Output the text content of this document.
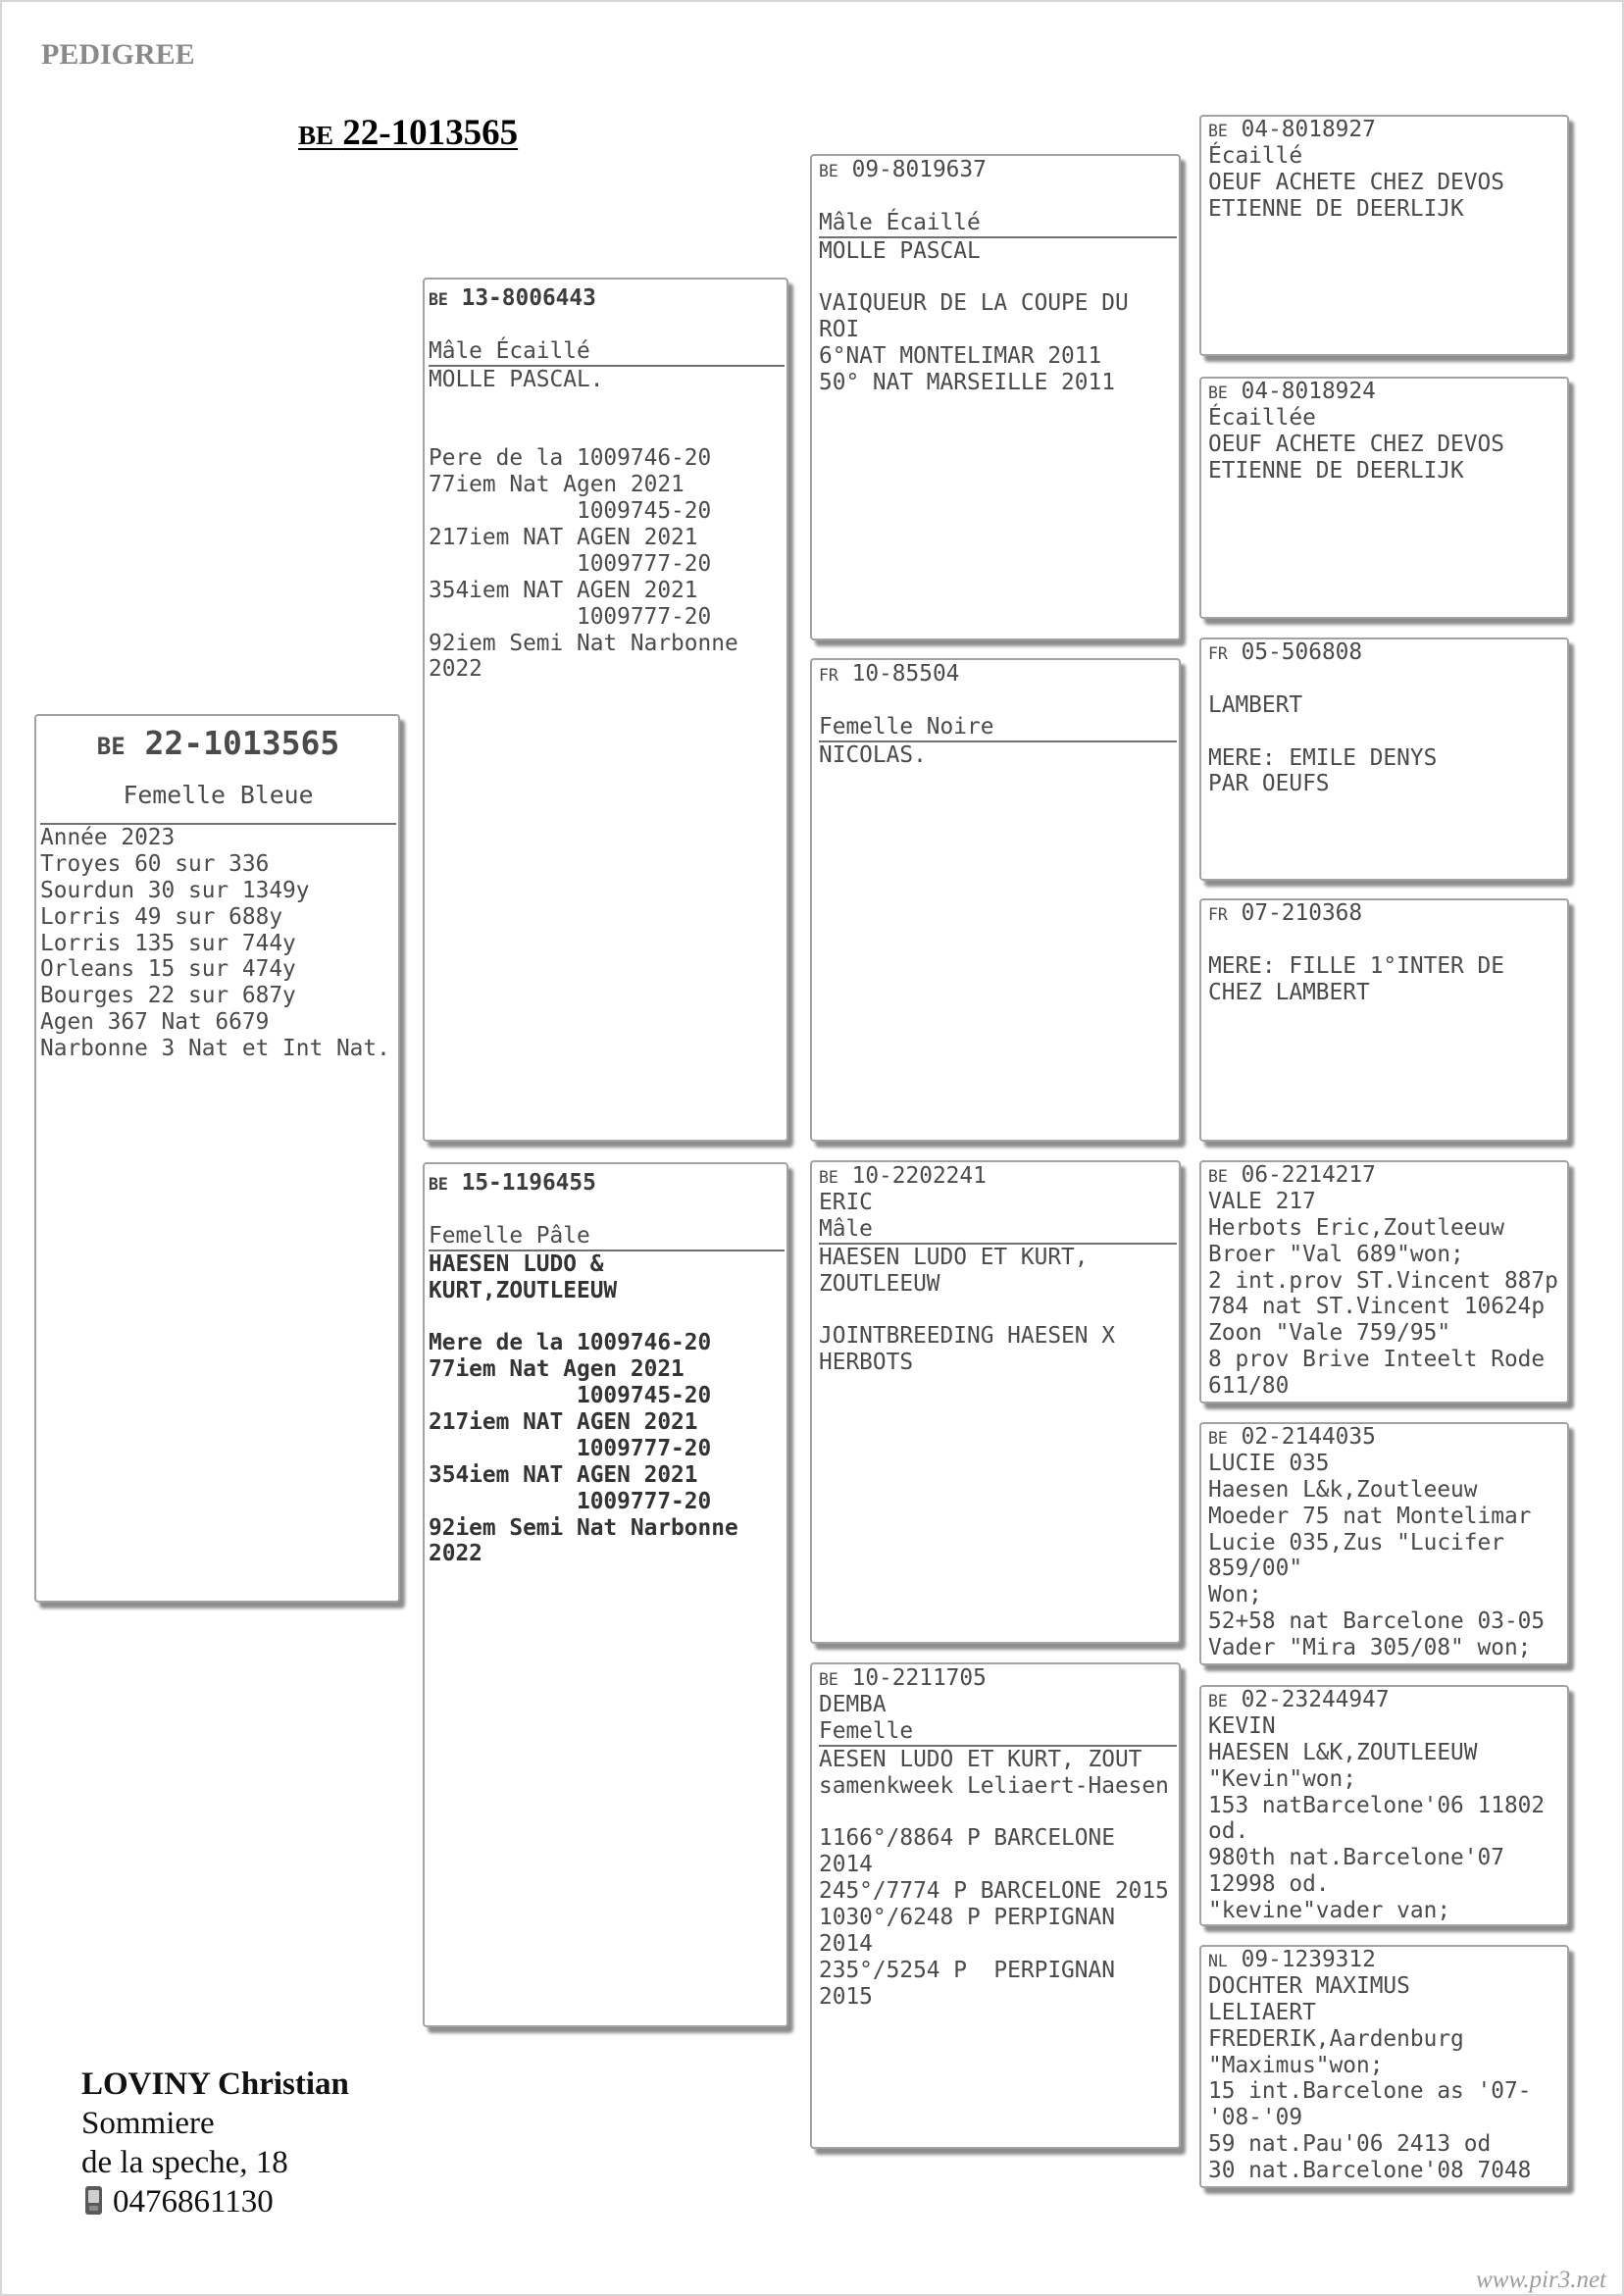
PEDIGREE
BE 22-1013565
BE 22-1013565
Femelle Bleue
Année 2023
Troyes 60 sur 336
Sourdun 30 sur 1349y
Lorris 49 sur 688y
Lorris 135 sur 744y
Orleans 15 sur 474y
Bourges 22 sur 687y
Agen 367 Nat 6679
Narbonne 3 Nat et Int Nat.
BE 13-8006443
Mâle Écaillé
MOLLE PASCAL.
Pere de la 1009746-20
77iem Nat Agen 2021
1009745-20
217iem NAT AGEN 2021
1009777-20
354iem NAT AGEN 2021
1009777-20
92iem Semi Nat Narbonne
2022
BE 15-1196455
Femelle Pâle
HAESEN LUDO &
KURT,ZOUTLEEUW
Mere de la 1009746-20
77iem Nat Agen 2021
1009745-20
217iem NAT AGEN 2021
1009777-20
354iem NAT AGEN 2021
1009777-20
92iem Semi Nat Narbonne
2022
BE 09-8019637
Mâle Écaillé
MOLLE PASCAL
VAIQUEUR DE LA COUPE DU
ROI
6°NAT MONTELIMAR 2011
50° NAT MARSEILLE 2011
FR 10-85504
Femelle Noire
NICOLAS.
BE 10-2202241
ERIC
Mâle
HAESEN LUDO ET KURT,
ZOUTLEEUW
JOINTBREEDING HAESEN X
HERBOTS
BE 10-2211705
DEMBA
Femelle
AESEN LUDO ET KURT, ZOUT
samenkweek Leliaert-Haesen
1166°/8864 P BARCELONE
2014
245°/7774 P BARCELONE 2015
1030°/6248 P PERPIGNAN
2014
235°/5254 P  PERPIGNAN
2015
BE 04-8018927
Écaillé
OEUF ACHETE CHEZ DEVOS
ETIENNE DE DEERLIJK
BE 04-8018924
Écaillée
OEUF ACHETE CHEZ DEVOS
ETIENNE DE DEERLIJK
FR 05-506808
LAMBERT
MERE: EMILE DENYS
PAR OEUFS
FR 07-210368
MERE: FILLE 1°INTER DE
CHEZ LAMBERT
BE 06-2214217
VALE 217
Herbots Eric,Zoutleeuw
Broer "Val 689"won;
2 int.prov ST.Vincent 887p
784 nat ST.Vincent 10624p
Zoon "Vale 759/95"
8 prov Brive Inteelt Rode
611/80
BE 02-2144035
LUCIE 035
Haesen L&k,Zoutleeuw
Moeder 75 nat Montelimar
Lucie 035,Zus "Lucifer
859/00"
Won;
52+58 nat Barcelone 03-05
Vader "Mira 305/08" won;
BE 02-23244947
KEVIN
HAESEN L&K,ZOUTLEEUW
"Kevin"won;
153 natBarcelone'06 11802
od.
980th nat.Barcelone'07
12998 od.
"kevine"vader van;
NL 09-1239312
DOCHTER MAXIMUS
LELIAERT
FREDERIK,Aardenburg
"Maximus"won;
15 int.Barcelone as '07-
'08-'09
59 nat.Pau'06 2413 od
30 nat.Barcelone'08 7048
LOVINY Christian
Sommiere
de la speche, 18
0476861130
www.pir3.net
